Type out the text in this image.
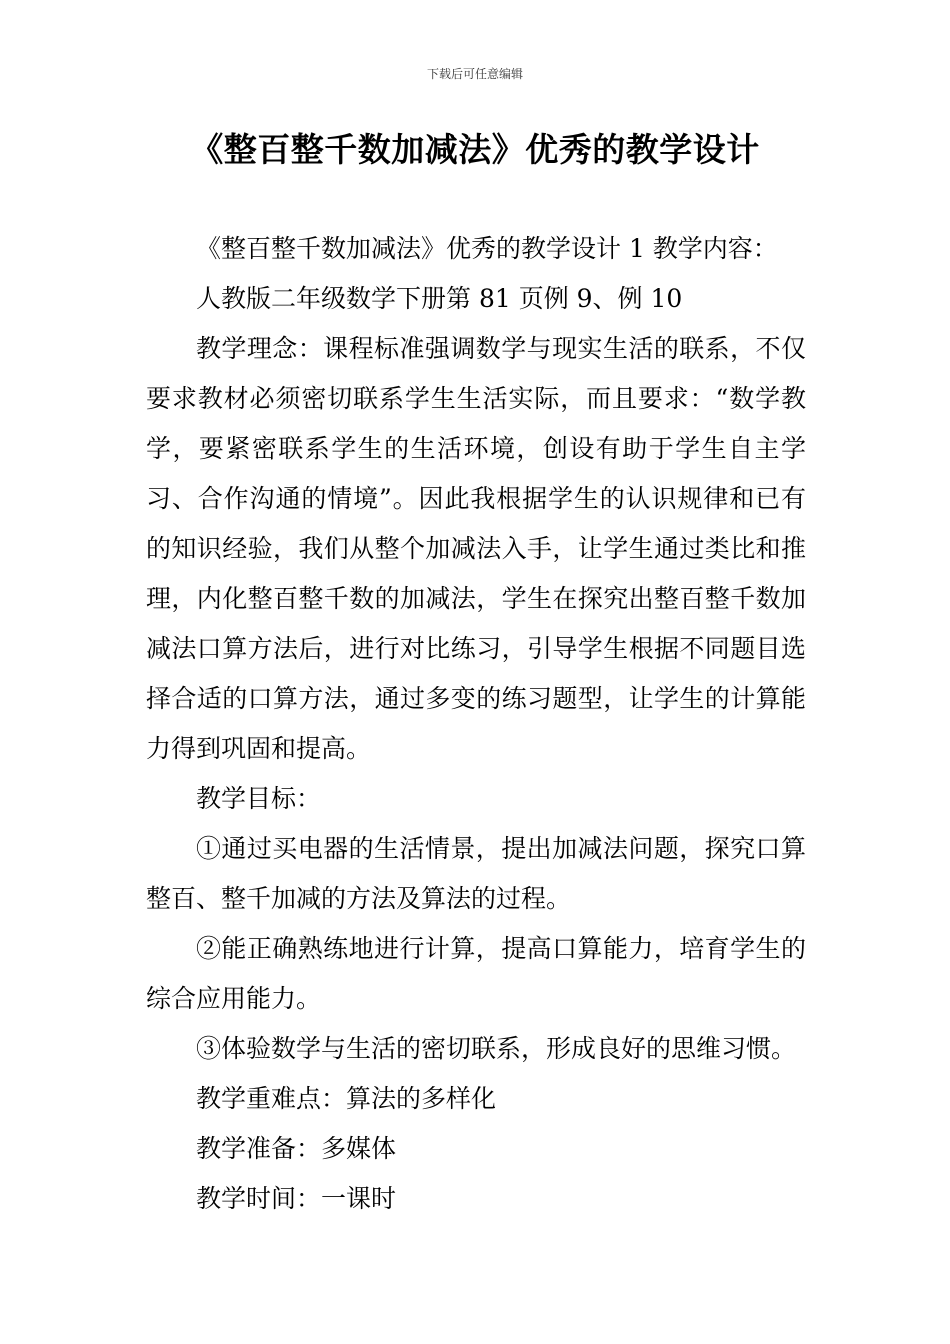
下载后可任意编辑
《整百整千数加减法》优秀的教学设计

《整百整千数加减法》优秀的教学设计 1 教学内容：

人教版二年级数学下册第 81 页例 9、例 10

教学理念：课程标准强调数学与现实生活的联系，不仅要求教材必须密切联系学生生活实际，而且要求：“数学教学，要紧密联系学生的生活环境，创设有助于学生自主学习、合作沟通的情境”。因此我根据学生的认识规律和已有的知识经验，我们从整个加减法入手，让学生通过类比和推理，内化整百整千数的加减法，学生在探究出整百整千数加减法口算方法后，进行对比练习，引导学生根据不同题目选择合适的口算方法，通过多变的练习题型，让学生的计算能力得到巩固和提高。

教学目标：

①通过买电器的生活情景，提出加减法问题，探究口算整百、整千加减的方法及算法的过程。

②能正确熟练地进行计算，提高口算能力，培育学生的综合应用能力。

③体验数学与生活的密切联系，形成良好的思维习惯。

教学重难点：算法的多样化

教学准备：多媒体

教学时间：一课时
